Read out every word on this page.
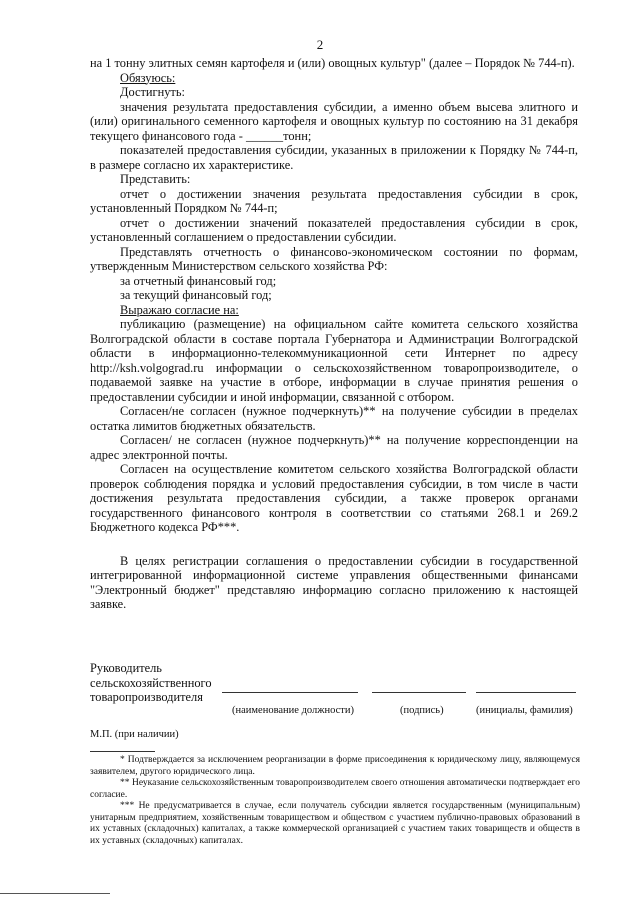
2

на 1 тонну элитных семян картофеля и (или) овощных культур" (далее – Порядок № 744-п).

Обязуюсь:

Достигнуть:

значения результата предоставления субсидии, а именно объем высева элитного и (или) оригинального семенного картофеля и овощных культур по состоянию на 31 декабря текущего финансового года - ______тонн;

показателей предоставления субсидии, указанных в приложении к Порядку № 744-п, в размере согласно их характеристике.

Представить:

отчет о достижении значения результата предоставления субсидии в срок, установленный Порядком № 744-п;

отчет о достижении значений показателей предоставления субсидии в срок, установленный соглашением о предоставлении субсидии.

Представлять отчетность о финансово-экономическом состоянии по формам, утвержденным Министерством сельского хозяйства РФ:

за отчетный финансовый год;

за текущий финансовый год;

Выражаю согласие на:

публикацию (размещение) на официальном сайте комитета сельского хозяйства Волгоградской области в составе портала Губернатора и Администрации Волгоградской области в информационно-телекоммуникационной сети Интернет по адресу http://ksh.volgograd.ru информации о сельскохозяйственном товаропроизводителе, о подаваемой заявке на участие в отборе, информации в случае принятия решения о предоставлении субсидии и иной информации, связанной с отбором.

Согласен/не согласен (нужное подчеркнуть)** на получение субсидии в пределах остатка лимитов бюджетных обязательств.

Согласен/ не согласен (нужное подчеркнуть)** на получение корреспонденции на адрес электронной почты.

Согласен на осуществление комитетом сельского хозяйства Волгоградской области проверок соблюдения порядка и условий предоставления субсидии, в том числе в части достижения результата предоставления субсидии, а также проверок органами государственного финансового контроля в соответствии со статьями 268.1 и 269.2 Бюджетного кодекса РФ***.

В целях регистрации соглашения о предоставлении субсидии в государственной интегрированной информационной системе управления общественными финансами "Электронный бюджет" представляю информацию согласно приложению к настоящей заявке.

Руководитель
сельскохозяйственного
товаропроизводителя
(наименование должности)	(подпись)	(инициалы, фамилия)
М.П. (при наличии)

* Подтверждается за исключением реорганизации в форме присоединения к юридическому лицу, являющемуся заявителем, другого юридического лица.

** Неуказание сельскохозяйственным товаропроизводителем своего отношения автоматически подтверждает его согласие.

*** Не предусматривается в случае, если получатель субсидии является государственным (муниципальным) унитарным предприятием, хозяйственным товариществом и обществом с участием публично-правовых образований в их уставных (складочных) капиталах, а также коммерческой организацией с участием таких товариществ и обществ в их уставных (складочных) капиталах.
